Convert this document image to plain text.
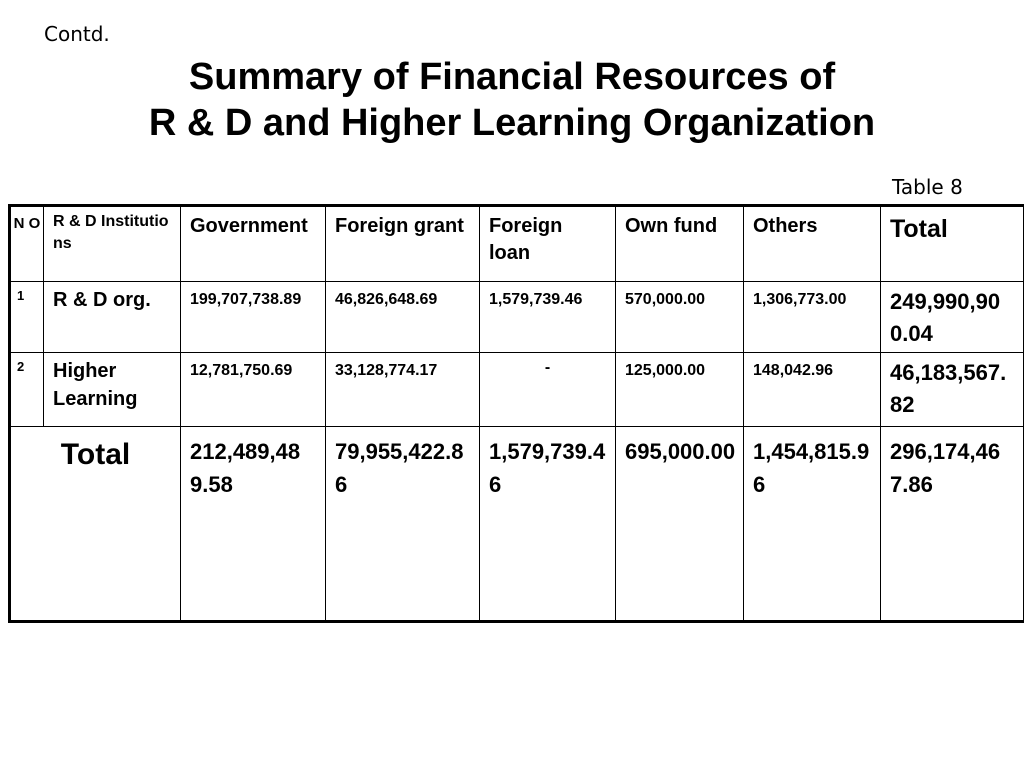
Contd.
Summary of Financial Resources of
R & D and Higher Learning Organization
Table 8
N O	R & D Institutions	Government	Foreign grant	Foreign loan	Own fund	Others	Total

1	R & D org.	199,707,738.89	46,826,648.69	1,579,739.46	570,000.00	1,306,773.00	249,990,900.04

2	Higher Learning	12,781,750.69	33,128,774.17	-	125,000.00	148,042.96	46,183,567.82

Total		212,489,489.58	79,955,422.86	1,579,739.46	695,000.00	1,454,815.96	296,174,467.86
